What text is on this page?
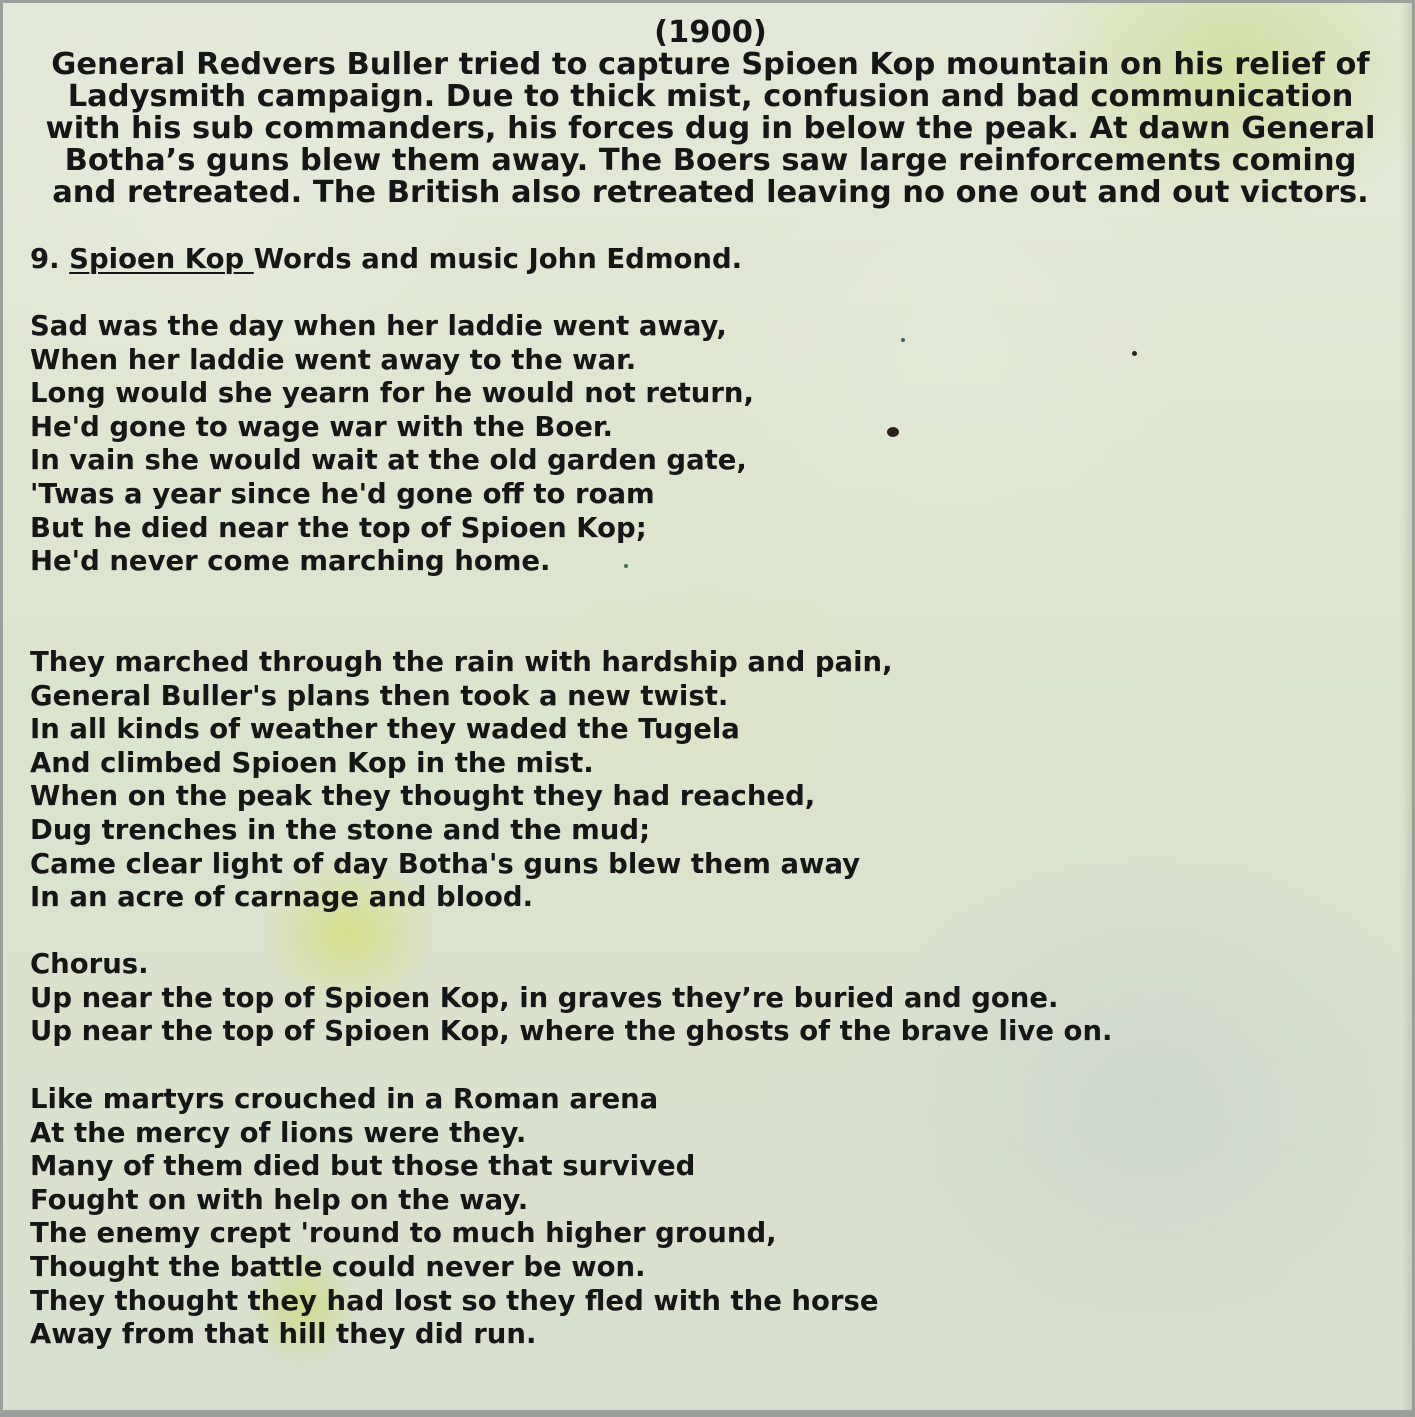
(1900)
General Redvers Buller tried to capture Spioen Kop mountain on his relief of Ladysmith campaign. Due to thick mist, confusion and bad communication with his sub commanders, his forces dug in below the peak. At dawn General Botha’s guns blew them away. The Boers saw large reinforcements coming and retreated. The British also retreated leaving no one out and out victors.
9. Spioen Kop Words and music John Edmond.
Sad was the day when her laddie went away,
When her laddie went away to the war.
Long would she yearn for he would not return,
He'd gone to wage war with the Boer.
In vain she would wait at the old garden gate,
'Twas a year since he'd gone off to roam
But he died near the top of Spioen Kop;
He'd never come marching home.
They marched through the rain with hardship and pain,
General Buller's plans then took a new twist.
In all kinds of weather they waded the Tugela
And climbed Spioen Kop in the mist.
When on the peak they thought they had reached,
Dug trenches in the stone and the mud;
Came clear light of day Botha's guns blew them away
In an acre of carnage and blood.
Chorus.
Up near the top of Spioen Kop, in graves they’re buried and gone.
Up near the top of Spioen Kop, where the ghosts of the brave live on.
Like martyrs crouched in a Roman arena
At the mercy of lions were they.
Many of them died but those that survived
Fought on with help on the way.
The enemy crept 'round to much higher ground,
Thought the battle could never be won.
They thought they had lost so they fled with the horse
Away from that hill they did run.
